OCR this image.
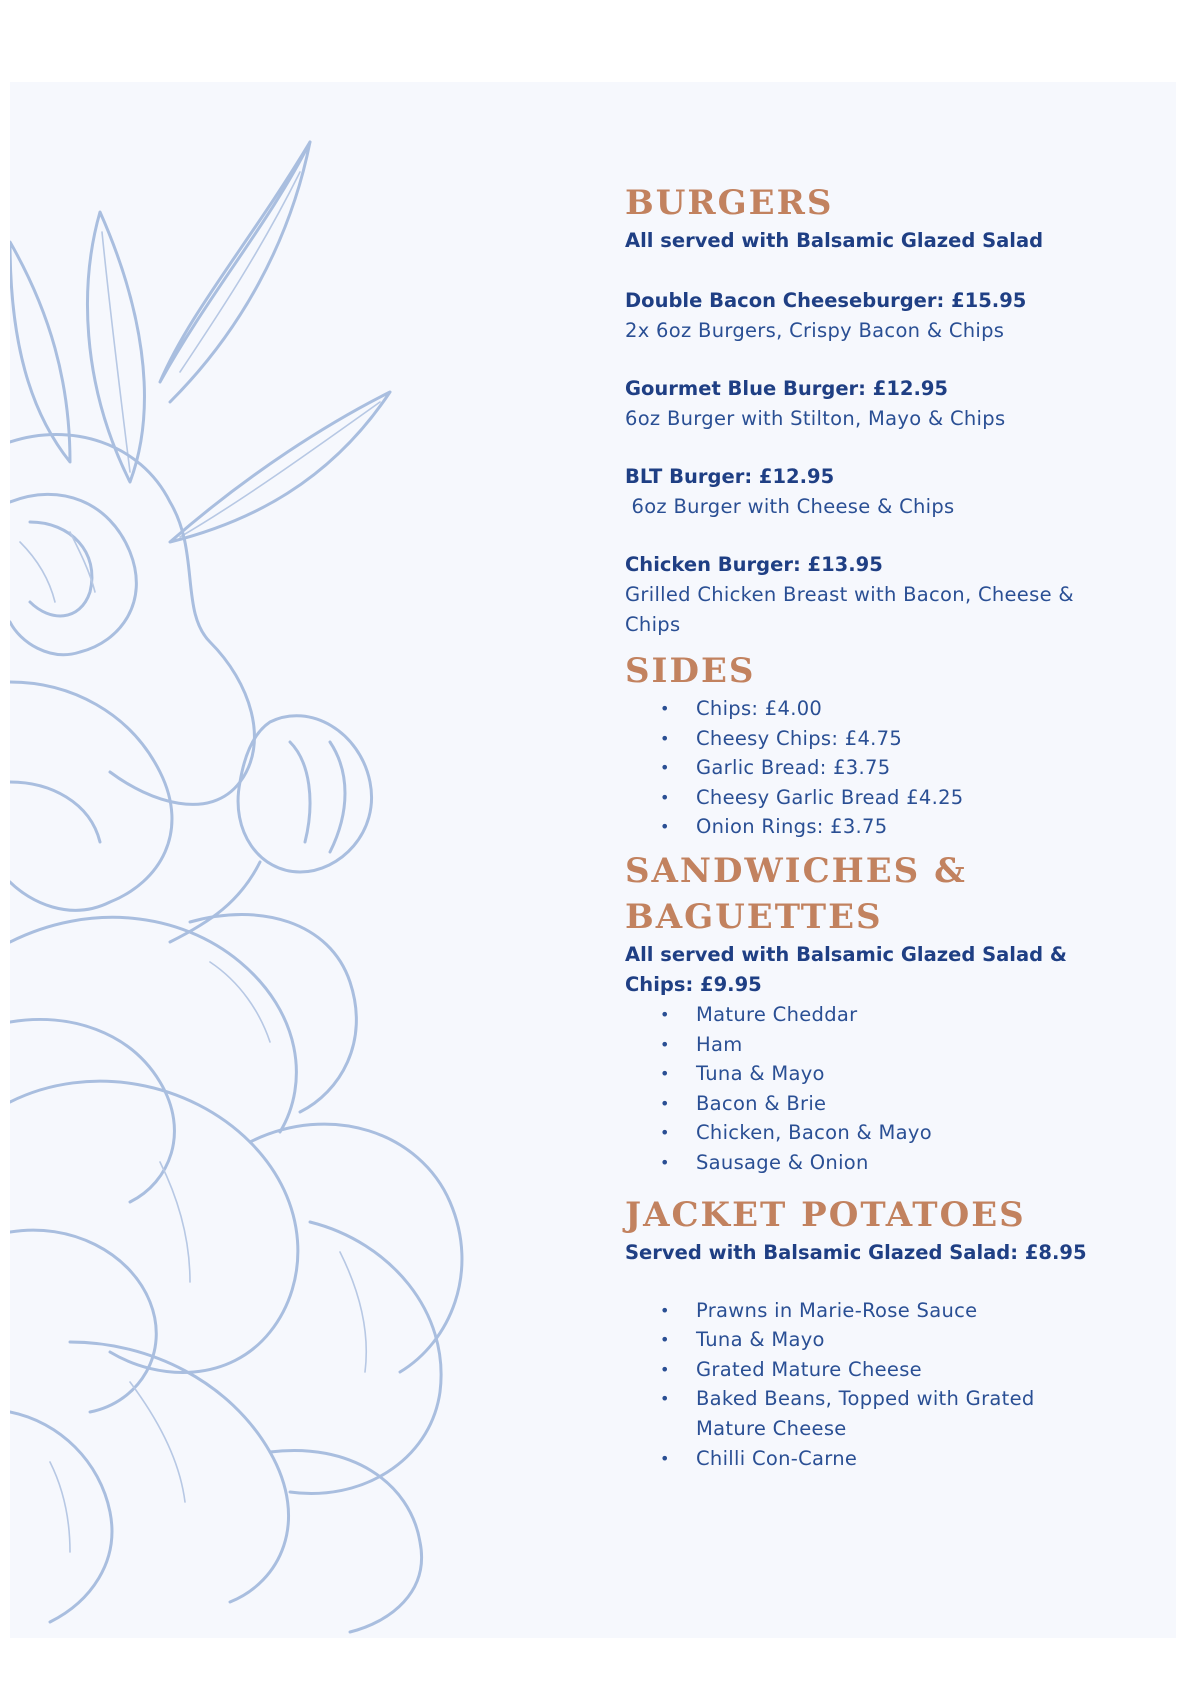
BURGERS

All served with Balsamic Glazed Salad

Double Bacon Cheeseburger: £15.95

2x 6oz Burgers, Crispy Bacon & Chips

Gourmet Blue Burger: £12.95

6oz Burger with Stilton, Mayo & Chips

BLT Burger: £12.95

6oz Burger with Cheese & Chips

Chicken Burger: £13.95

Grilled Chicken Breast with Bacon, Cheese & Chips

SIDES
• Chips: £4.00
• Cheesy Chips: £4.75
• Garlic Bread: £3.75
• Cheesy Garlic Bread £4.25
• Onion Rings: £3.75
SANDWICHES & BAGUETTES

All served with Balsamic Glazed Salad & Chips: £9.95

• Mature Cheddar
• Ham
• Tuna & Mayo
• Bacon & Brie
• Chicken, Bacon & Mayo
• Sausage & Onion
JACKET POTATOES

Served with Balsamic Glazed Salad: £8.95

• Prawns in Marie-Rose Sauce
• Tuna & Mayo
• Grated Mature Cheese
• Baked Beans, Topped with Grated Mature Cheese
• Chilli Con-Carne
